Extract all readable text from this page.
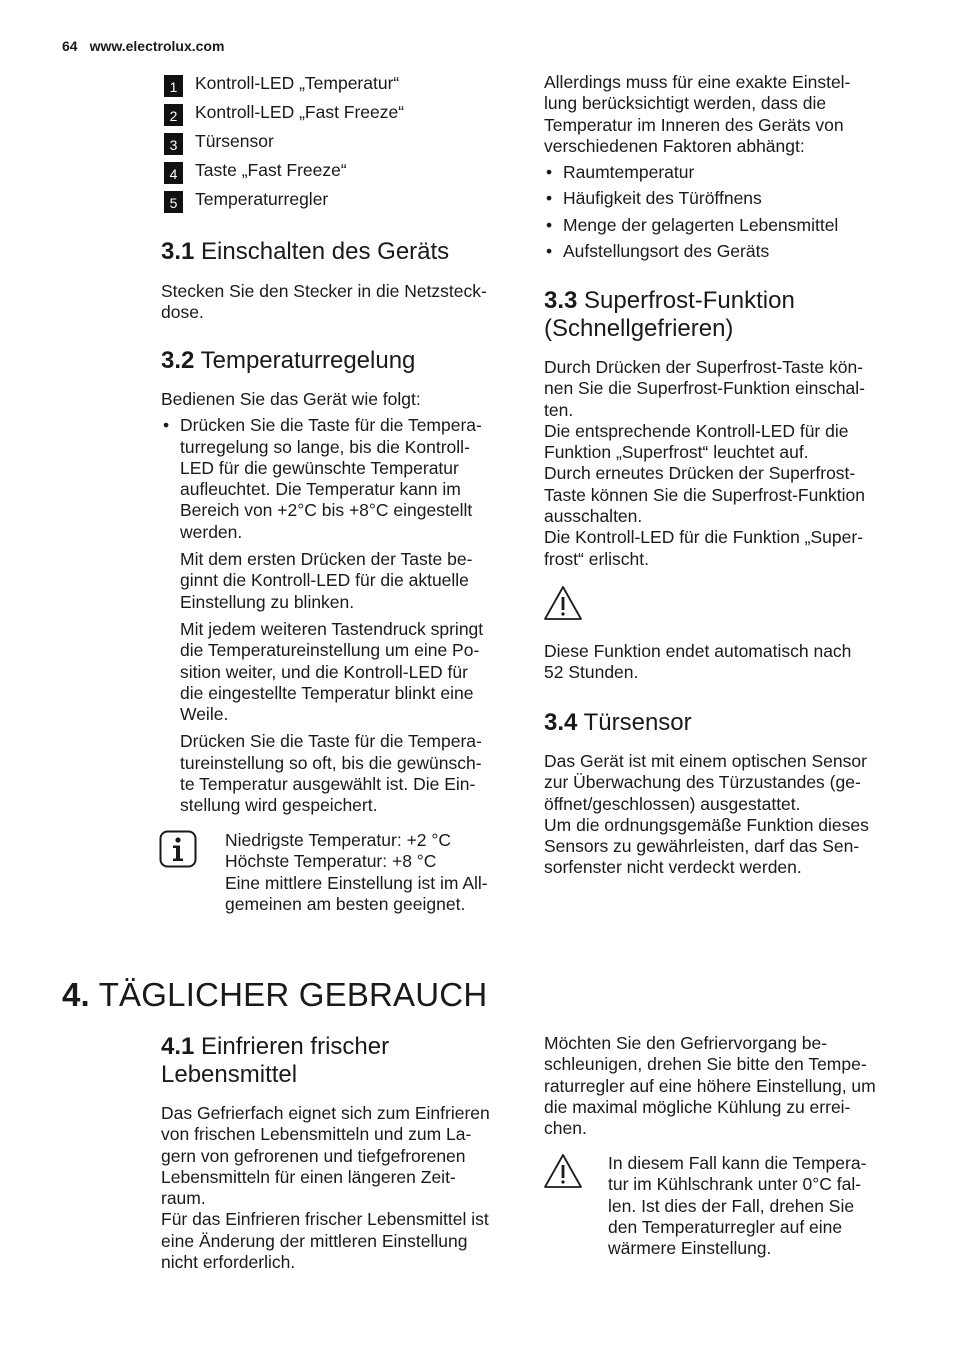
64 www.electrolux.com
1 Kontroll-LED „Temperatur“
2 Kontroll-LED „Fast Freeze“
3 Türsensor
4 Taste „Fast Freeze“
5 Temperaturregler
3.1 Einschalten des Geräts

Stecken Sie den Stecker in die Netzsteck-
dose.

3.2 Temperaturregelung

Bedienen Sie das Gerät wie folgt:

• Drücken Sie die Taste für die Tempera-
turregelung so lange, bis die Kontroll-
LED für die gewünschte Temperatur
aufleuchtet. Die Temperatur kann im
Bereich von +2°C bis +8°C eingestellt
werden.

Mit dem ersten Drücken der Taste be-
ginnt die Kontroll-LED für die aktuelle
Einstellung zu blinken.

Mit jedem weiteren Tastendruck springt
die Temperatureinstellung um eine Po-
sition weiter, und die Kontroll-LED für
die eingestellte Temperatur blinkt eine
Weile.

Drücken Sie die Taste für die Tempera-
tureinstellung so oft, bis die gewünsch-
te Temperatur ausgewählt ist. Die Ein-
stellung wird gespeichert.

Niedrigste Temperatur: +2 °C
Höchste Temperatur: +8 °C
Eine mittlere Einstellung ist im All-
gemeinen am besten geeignet.

Allerdings muss für eine exakte Einstel-
lung berücksichtigt werden, dass die
Temperatur im Inneren des Geräts von
verschiedenen Faktoren abhängt:

• Raumtemperatur
• Häufigkeit des Türöffnens
• Menge der gelagerten Lebensmittel
• Aufstellungsort des Geräts
3.3 Superfrost-Funktion
(Schnellgefrieren)

Durch Drücken der Superfrost-Taste kön-
nen Sie die Superfrost-Funktion einschal-
ten.
Die entsprechende Kontroll-LED für die
Funktion „Superfrost“ leuchtet auf.
Durch erneutes Drücken der Superfrost-
Taste können Sie die Superfrost-Funktion
ausschalten.
Die Kontroll-LED für die Funktion „Super-
frost“ erlischt.

Diese Funktion endet automatisch nach
52 Stunden.

3.4 Türsensor

Das Gerät ist mit einem optischen Sensor
zur Überwachung des Türzustandes (ge-
öffnet/geschlossen) ausgestattet.
Um die ordnungsgemäße Funktion dieses
Sensors zu gewährleisten, darf das Sen-
sorfenster nicht verdeckt werden.

4. TÄGLICHER GEBRAUCH
4.1 Einfrieren frischer
Lebensmittel

Das Gefrierfach eignet sich zum Einfrieren
von frischen Lebensmitteln und zum La-
gern von gefrorenen und tiefgefrorenen
Lebensmitteln für einen längeren Zeit-
raum.
Für das Einfrieren frischer Lebensmittel ist
eine Änderung der mittleren Einstellung
nicht erforderlich.

Möchten Sie den Gefriervorgang be-
schleunigen, drehen Sie bitte den Tempe-
raturregler auf eine höhere Einstellung, um
die maximal mögliche Kühlung zu errei-
chen.

In diesem Fall kann die Tempera-
tur im Kühlschrank unter 0°C fal-
len. Ist dies der Fall, drehen Sie
den Temperaturregler auf eine
wärmere Einstellung.
